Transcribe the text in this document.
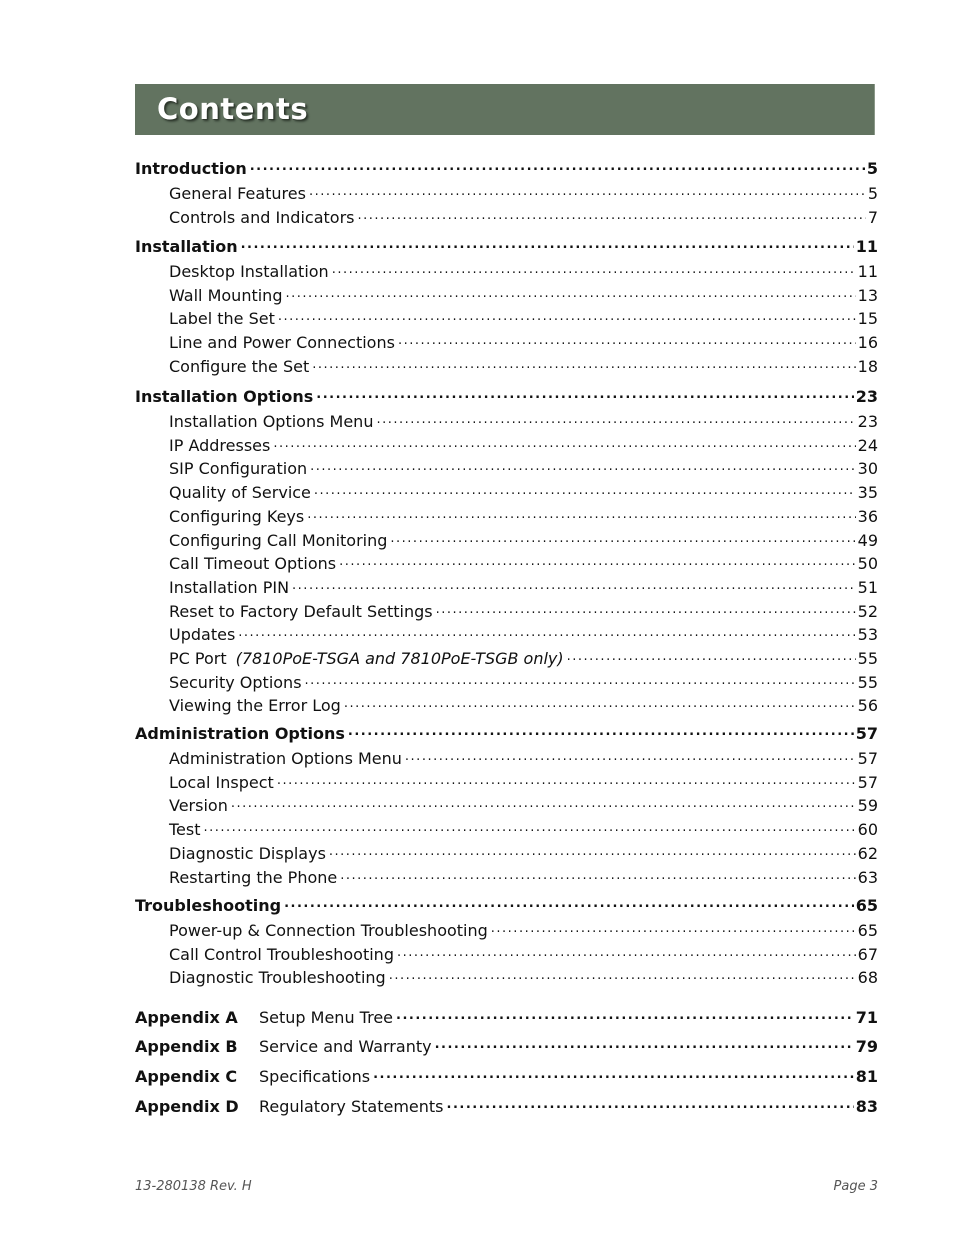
Contents
Introduction .....	5
General Features .....	5
Controls and Indicators .....	7
Installation .....	11
Desktop Installation .....	11
Wall Mounting .....	13
Label the Set .....	15
Line and Power Connections .....	16
Configure the Set .....	18
Installation Options .....	23
Installation Options Menu .....	23
IP Addresses .....	24
SIP Configuration .....	30
Quality of Service .....	35
Configuring Keys .....	36
Configuring Call Monitoring .....	49
Call Timeout Options .....	50
Installation PIN .....	51
Reset to Factory Default Settings .....	52
Updates .....	53
PC Port (7810PoE-TSGA and 7810PoE-TSGB only) .....	55
Security Options .....	55
Viewing the Error Log .....	56
Administration Options .....	57
Administration Options Menu .....	57
Local Inspect .....	57
Version .....	59
Test .....	60
Diagnostic Displays .....	62
Restarting the Phone .....	63
Troubleshooting .....	65
Power-up & Connection Troubleshooting .....	65
Call Control Troubleshooting .....	67
Diagnostic Troubleshooting .....	68
Appendix A	Setup Menu Tree .....	71
Appendix B	Service and Warranty .....	79
Appendix C	Specifications .....	81
Appendix D	Regulatory Statements .....	83
13-280138 Rev. H	Page 3
